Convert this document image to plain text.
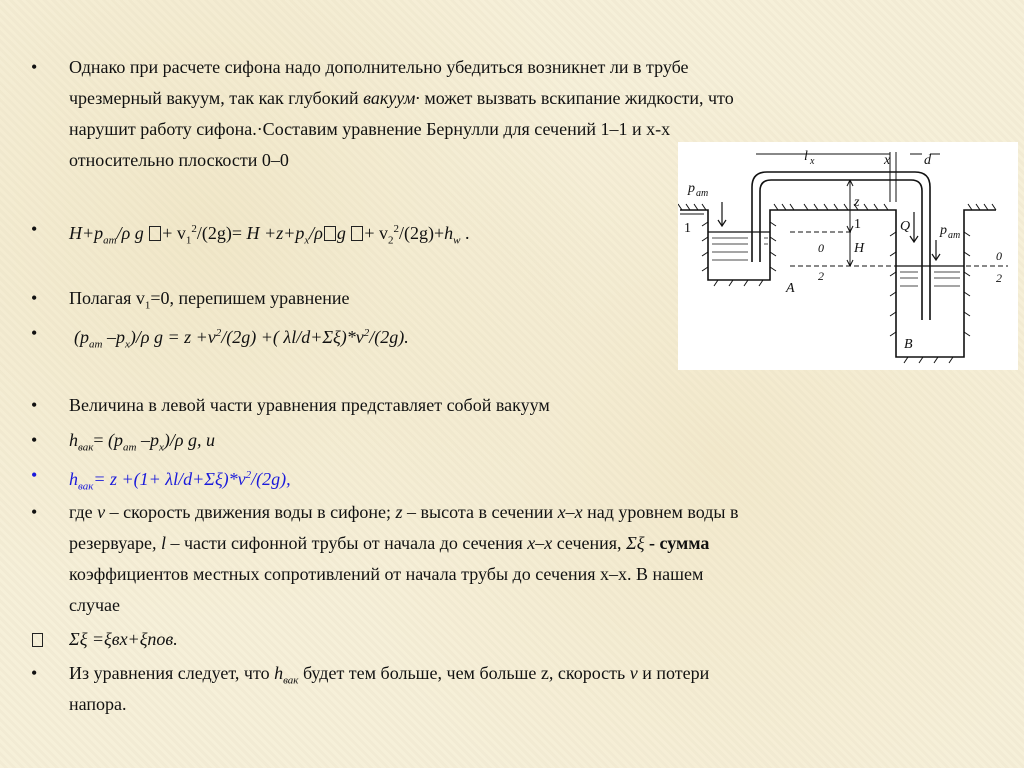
•	Однако при расчете сифона надо дополнительно убедиться возникнет ли в трубе
чрезмерный вакуум, так как глубокий вакуум· может вызвать вскипание жидкости, что
нарушит работу сифона.·Составим уравнение Бернулли для сечений 1–1 и х-х
относительно плоскости 0–0
•	$H+p_{ат}/\rho$ $g + v_1^2/(2g)= H +z+p_x/\rho$ $g + v_2^2/(2g)+h_w$ .
•	Полагая $v_1=0$, перепишем уравнение
•	($p_{ат}$ $-p_x)/\rho$ $g = z +v^2/(2g)$ +( $\lambda l/d+\Sigma\xi)*v^2/(2g)$.
•	Величина в левой части уравнения представляет собой вакуум
•	$h_{вак}= (p_{ат}$ $-p_x)/\rho$ g, и
•	$h_{вак}= z +(1+ \lambda l/d+\Sigma\xi)*v^2/(2g)$,
•	где v – скорость движения воды в сифоне; z – высота в сечении х–х над уровнем воды в
резервуаре, l – части сифонной трубы от начала до сечения х–х сечения, Σξ - сумма
коэффициентов местных сопротивлений от начала трубы до сечения х–х. В нашем
случае
Σξ =ξвх+ξпов.
•	Из уравнения следует, что $h_{вак}$ будет тем больше, чем больше z, скорость v и потери
напора.
l x	x d
z
H
Q
p ат
p ат
1	1
0
2
0
2
A
B
